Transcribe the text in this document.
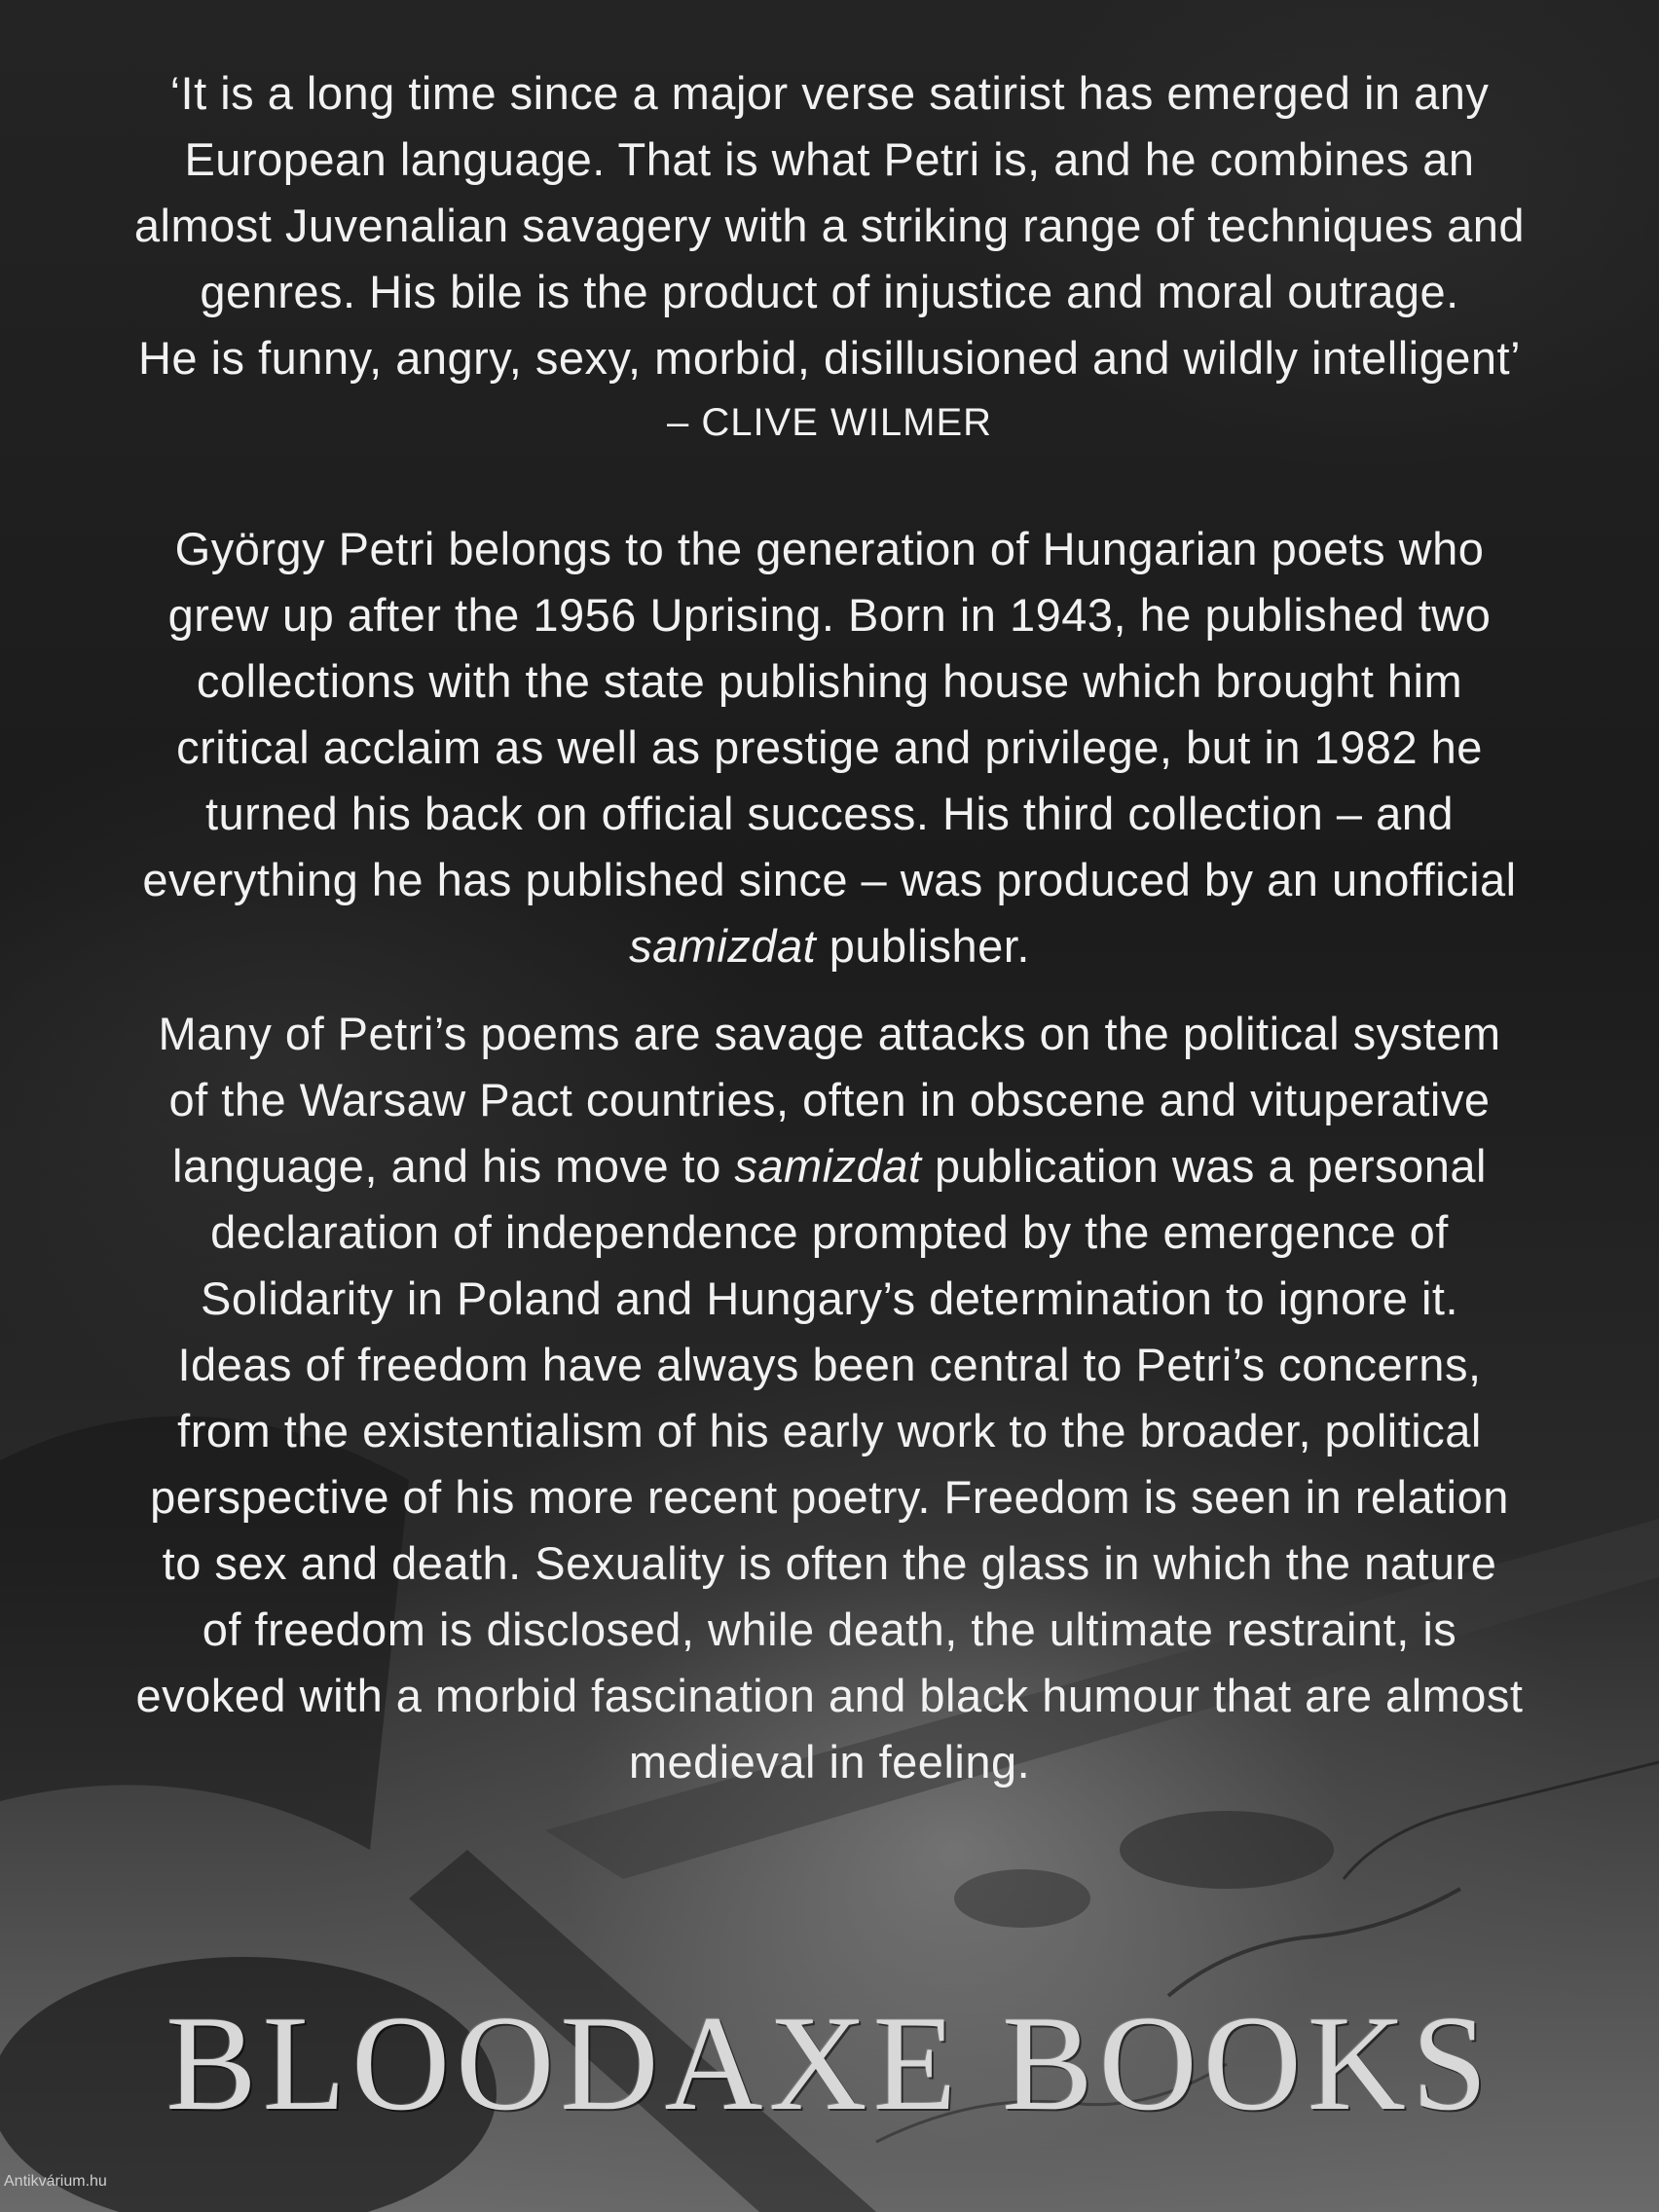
‘It is a long time since a major verse satirist has emerged in any
European language. That is what Petri is, and he combines an
almost Juvenalian savagery with a striking range of techniques and
genres. His bile is the product of injustice and moral outrage.
He is funny, angry, sexy, morbid, disillusioned and wildly intelligent’
– CLIVE WILMER
György Petri belongs to the generation of Hungarian poets who
grew up after the 1956 Uprising. Born in 1943, he published two
collections with the state publishing house which brought him
critical acclaim as well as prestige and privilege, but in 1982 he
turned his back on official success. His third collection – and
everything he has published since – was produced by an unofficial
samizdat publisher.
Many of Petri’s poems are savage attacks on the political system
of the Warsaw Pact countries, often in obscene and vituperative
language, and his move to samizdat publication was a personal
declaration of independence prompted by the emergence of
Solidarity in Poland and Hungary’s determination to ignore it.
Ideas of freedom have always been central to Petri’s concerns,
from the existentialism of his early work to the broader, political
perspective of his more recent poetry. Freedom is seen in relation
to sex and death. Sexuality is often the glass in which the nature
of freedom is disclosed, while death, the ultimate restraint, is
evoked with a morbid fascination and black humour that are almost
medieval in feeling.
BLOODAXE BOOKS
Antikvárium.hu
